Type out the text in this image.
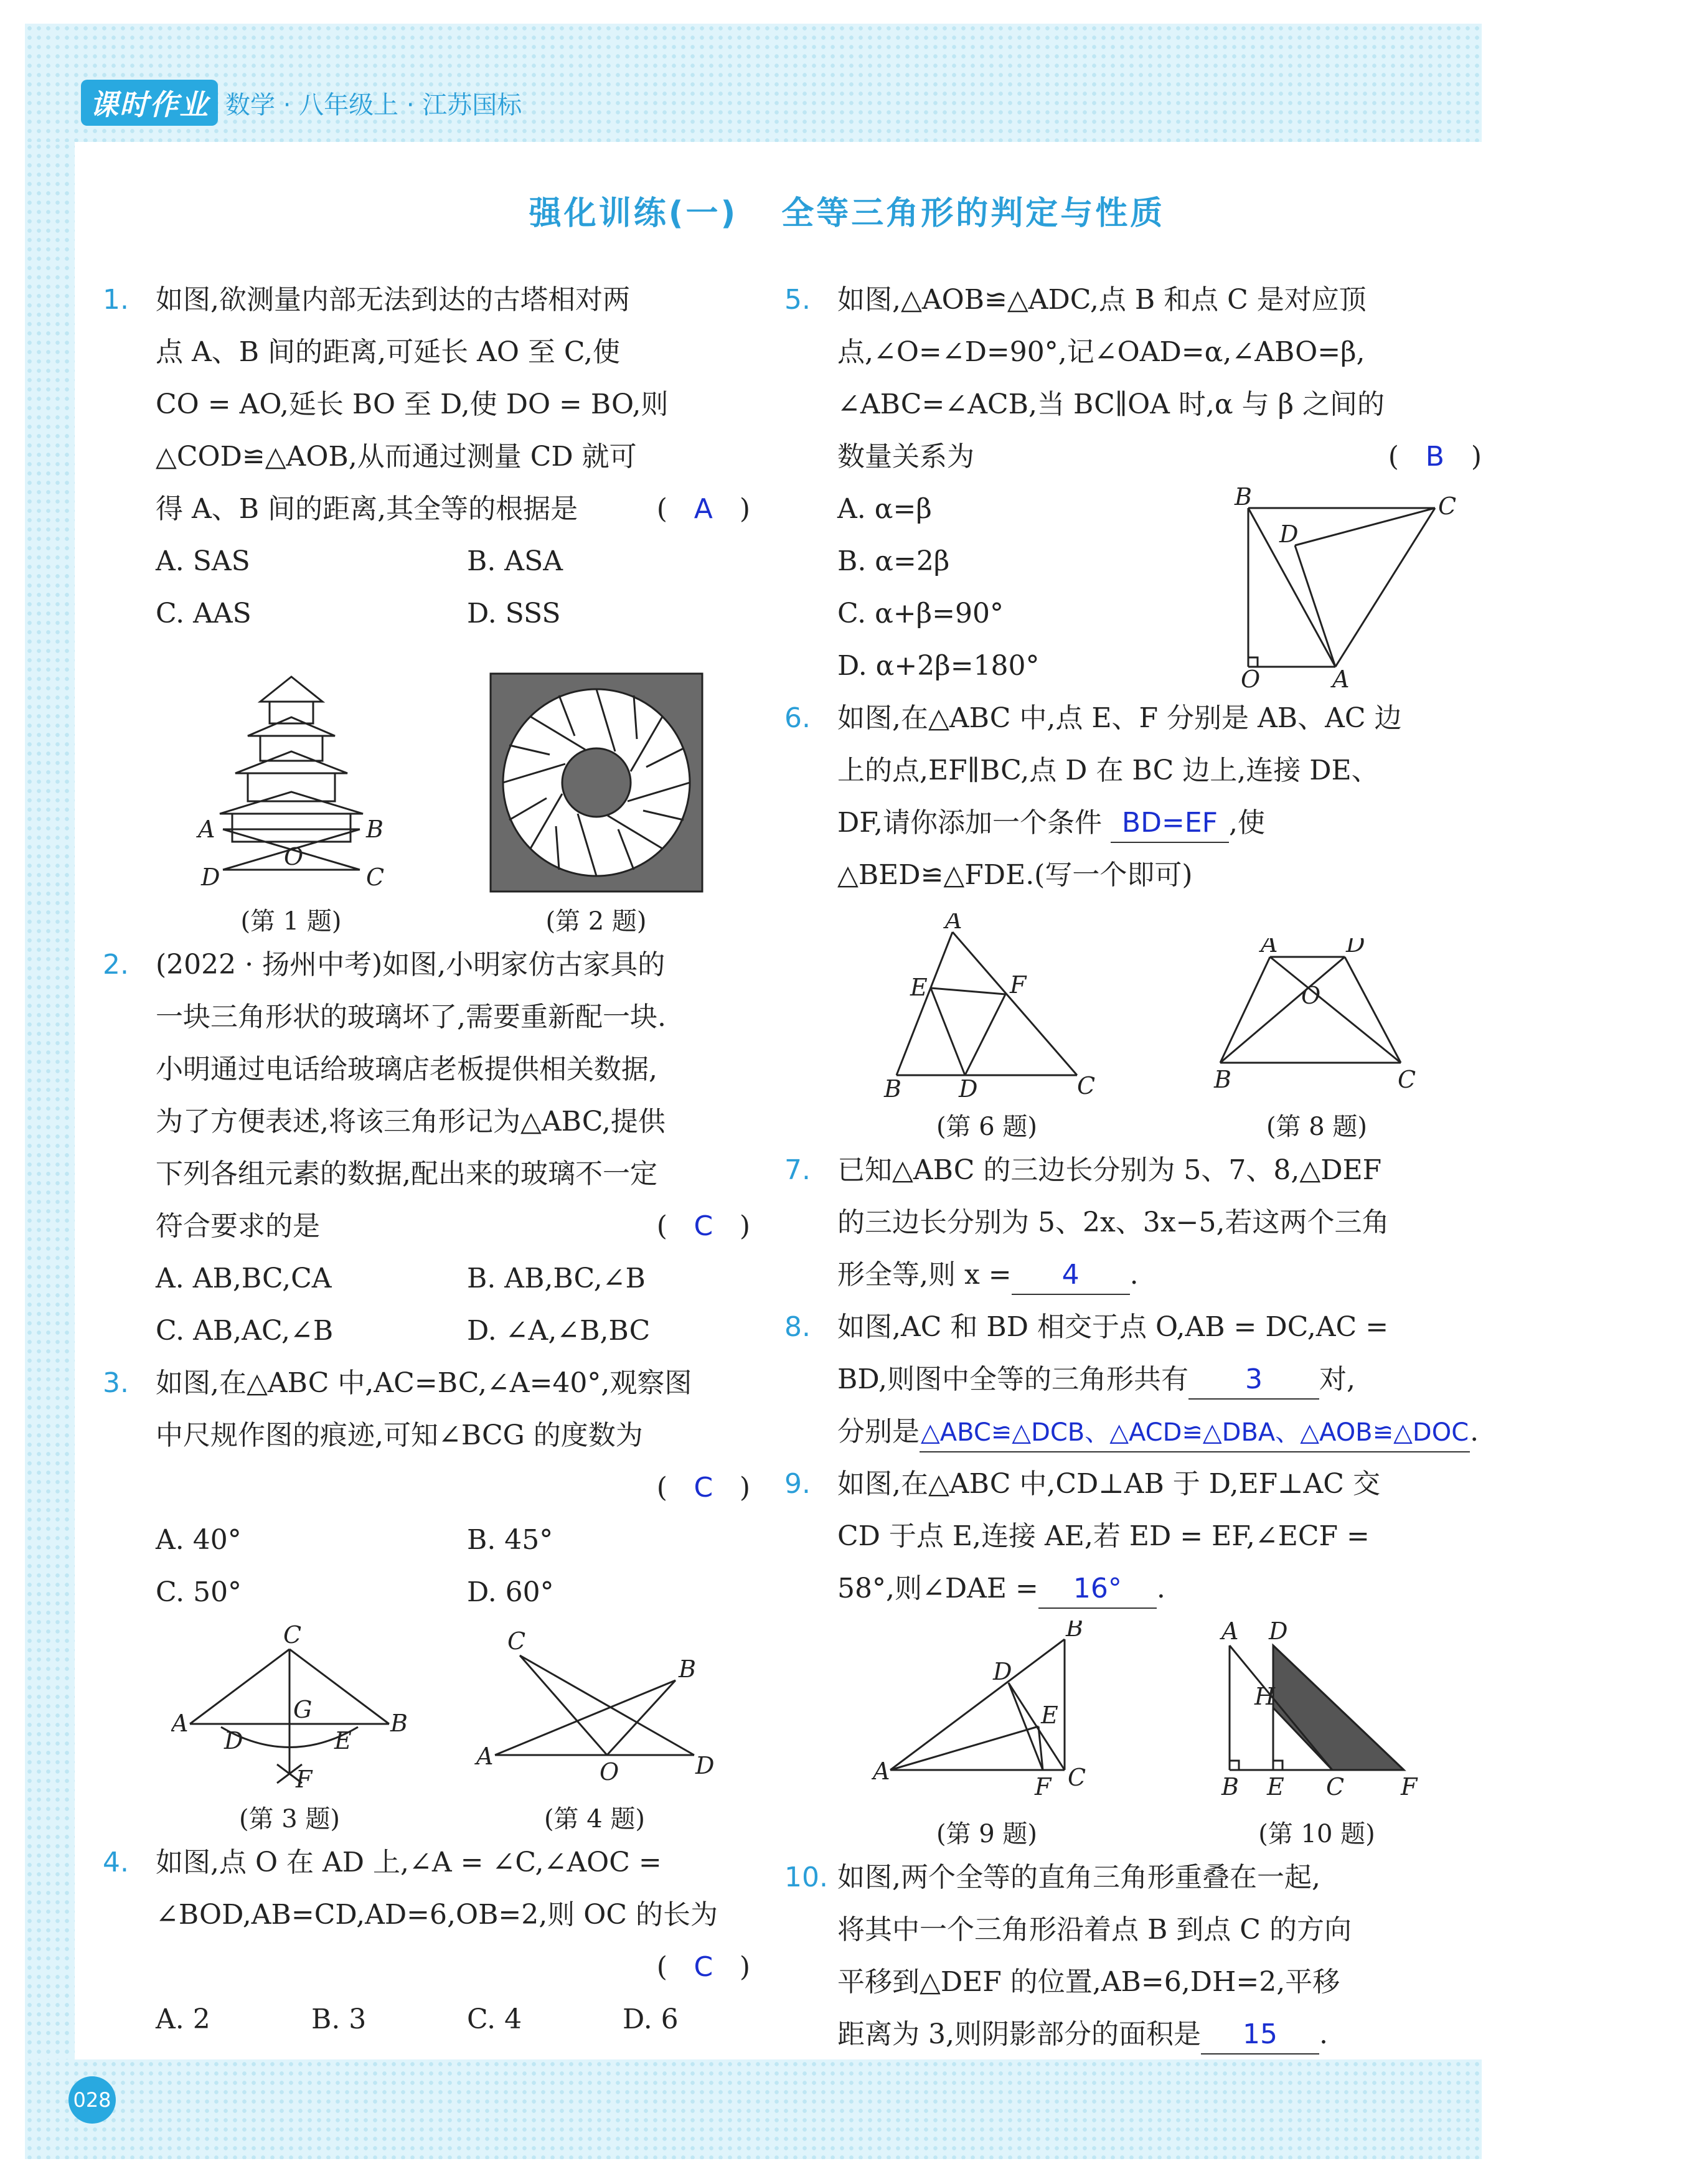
课时作业 数学 · 八年级上 · 江苏国标
强化训练(一) 全等三角形的判定与性质
1. 如图,欲测量内部无法到达的古塔相对两
点 A、B 间的距离,可延长 AO 至 C,使
CO = AO,延长 BO 至 D,使 DO = BO,则
△COD≌△AOB,从而通过测量 CD 就可
得 A、B 间的距离,其全等的根据是	(  A  )
A. SAS	B. ASA
C. AAS	D. SSS
A	B
O
D	C
(第 1 题)	(第 2 题)
2. (2022 · 扬州中考)如图,小明家仿古家具的
一块三角形状的玻璃坏了,需要重新配一块.
小明通过电话给玻璃店老板提供相关数据,
为了方便表述,将该三角形记为△ABC,提供
下列各组元素的数据,配出来的玻璃不一定
符合要求的是	(  C  )
A. AB,BC,CA	B. AB,BC,∠B
C. AB,AC,∠B	D. ∠A,∠B,BC
3. 如图,在△ABC 中,AC=BC,∠A=40°,观察图
中尺规作图的痕迹,可知∠BCG 的度数为
(  C  )
A. 40°	B. 45°
C. 50°	D. 60°
C
A	B
D
G
E
F
(第 3 题)
C
B
A
O	D
(第 4 题)
4. 如图,点 O 在 AD 上,∠A = ∠C,∠AOC =
∠BOD,AB=CD,AD=6,OB=2,则 OC 的长为
(  C  )
A. 2	B. 3	C. 4	D. 6
5. 如图,△AOB≌△ADC,点 B 和点 C 是对应顶
点,∠O=∠D=90°,记∠OAD=α,∠ABO=β,
∠ABC=∠ACB,当 BC∥OA 时,α 与 β 之间的
数量关系为	(  B  )
A. α=β
B. α=2β
C. α+β=90°
D. α+2β=180°
B	C
D
O	A
6. 如图,在△ABC 中,点 E、F 分别是 AB、AC 边
上的点,EF∥BC,点 D 在 BC 边上,连接 DE、
DF,请你添加一个条件 BD=EF ,使
△BED≌△FDE.(写一个即可)
A
E	F
B D	C
(第 6 题)
A	D
O
B	C
(第 8 题)
7. 已知△ABC 的三边长分别为 5、7、8,△DEF
的三边长分别为 5、2x、3x−5,若这两个三角
形全等,则 x = 4 .
8. 如图,AC 和 BD 相交于点 O,AB = DC,AC =
BD,则图中全等的三角形共有 3 对,
分别是△ABC≌△DCB、△ACD≌△DBA、△AOB≌△DOC.
9. 如图,在△ABC 中,CD⊥AB 于 D,EF⊥AC 交
CD 于点 E,连接 AE,若 ED = EF,∠ECF =
58°,则∠DAE = 16° .
B
D
E
A
F C
(第 9 题)
A D
H
B E C F
(第 10 题)
10. 如图,两个全等的直角三角形重叠在一起,
将其中一个三角形沿着点 B 到点 C 的方向
平移到△DEF 的位置,AB=6,DH=2,平移
距离为 3,则阴影部分的面积是 15 .
028
